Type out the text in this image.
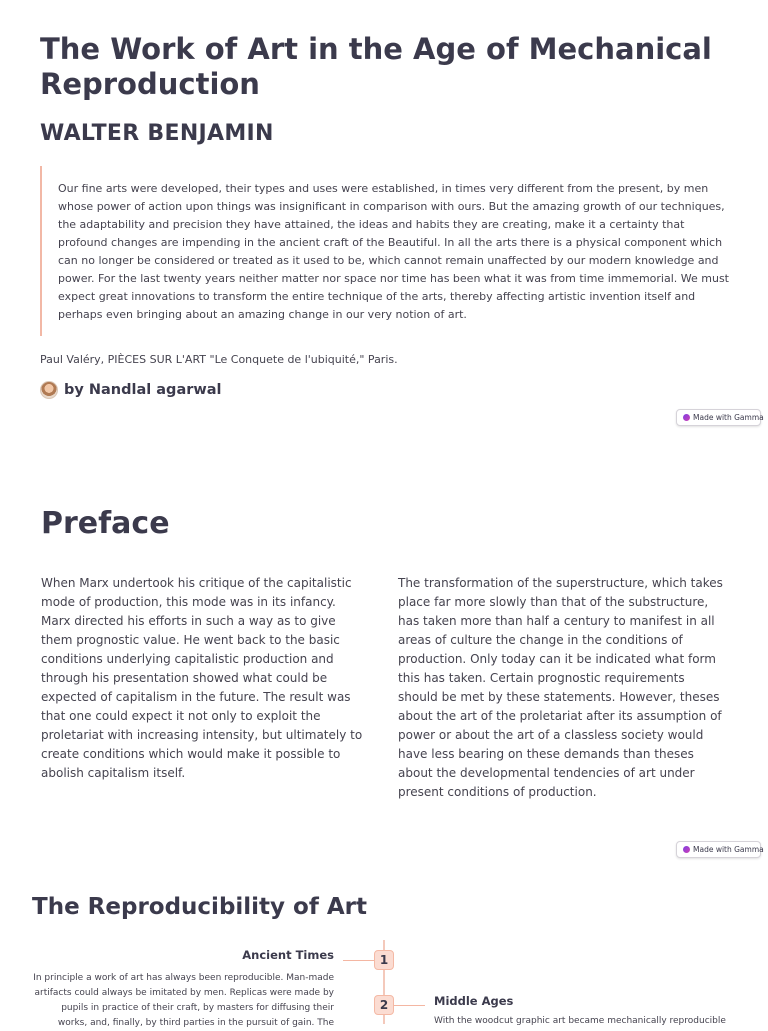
The Work of Art in the Age of Mechanical Reproduction
WALTER BENJAMIN
Our fine arts were developed, their types and uses were established, in times very different from the present, by men whose power of action upon things was insignificant in comparison with ours. But the amazing growth of our techniques, the adaptability and precision they have attained, the ideas and habits they are creating, make it a certainty that profound changes are impending in the ancient craft of the Beautiful. In all the arts there is a physical component which can no longer be considered or treated as it used to be, which cannot remain unaffected by our modern knowledge and power. For the last twenty years neither matter nor space nor time has been what it was from time immemorial. We must expect great innovations to transform the entire technique of the arts, thereby affecting artistic invention itself and perhaps even bringing about an amazing change in our very notion of art.
Paul Valéry, PIÈCES SUR L'ART "Le Conquete de l'ubiquité," Paris.
by Nandlal agarwal
Made with Gamma
Preface
When Marx undertook his critique of the capitalistic mode of production, this mode was in its infancy. Marx directed his efforts in such a way as to give them prognostic value. He went back to the basic conditions underlying capitalistic production and through his presentation showed what could be expected of capitalism in the future. The result was that one could expect it not only to exploit the proletariat with increasing intensity, but ultimately to create conditions which would make it possible to abolish capitalism itself.
The transformation of the superstructure, which takes place far more slowly than that of the substructure, has taken more than half a century to manifest in all areas of culture the change in the conditions of production. Only today can it be indicated what form this has taken. Certain prognostic requirements should be met by these statements. However, theses about the art of the proletariat after its assumption of power or about the art of a classless society would have less bearing on these demands than theses about the developmental tendencies of art under present conditions of production.
Made with Gamma
The Reproducibility of Art
1
Ancient Times
In principle a work of art has always been reproducible. Man-made artifacts could always be imitated by men. Replicas were made by pupils in practice of their craft, by masters for diffusing their works, and, finally, by third parties in the pursuit of gain. The
2	Middle Ages
With the woodcut graphic art became mechanically reproducible
